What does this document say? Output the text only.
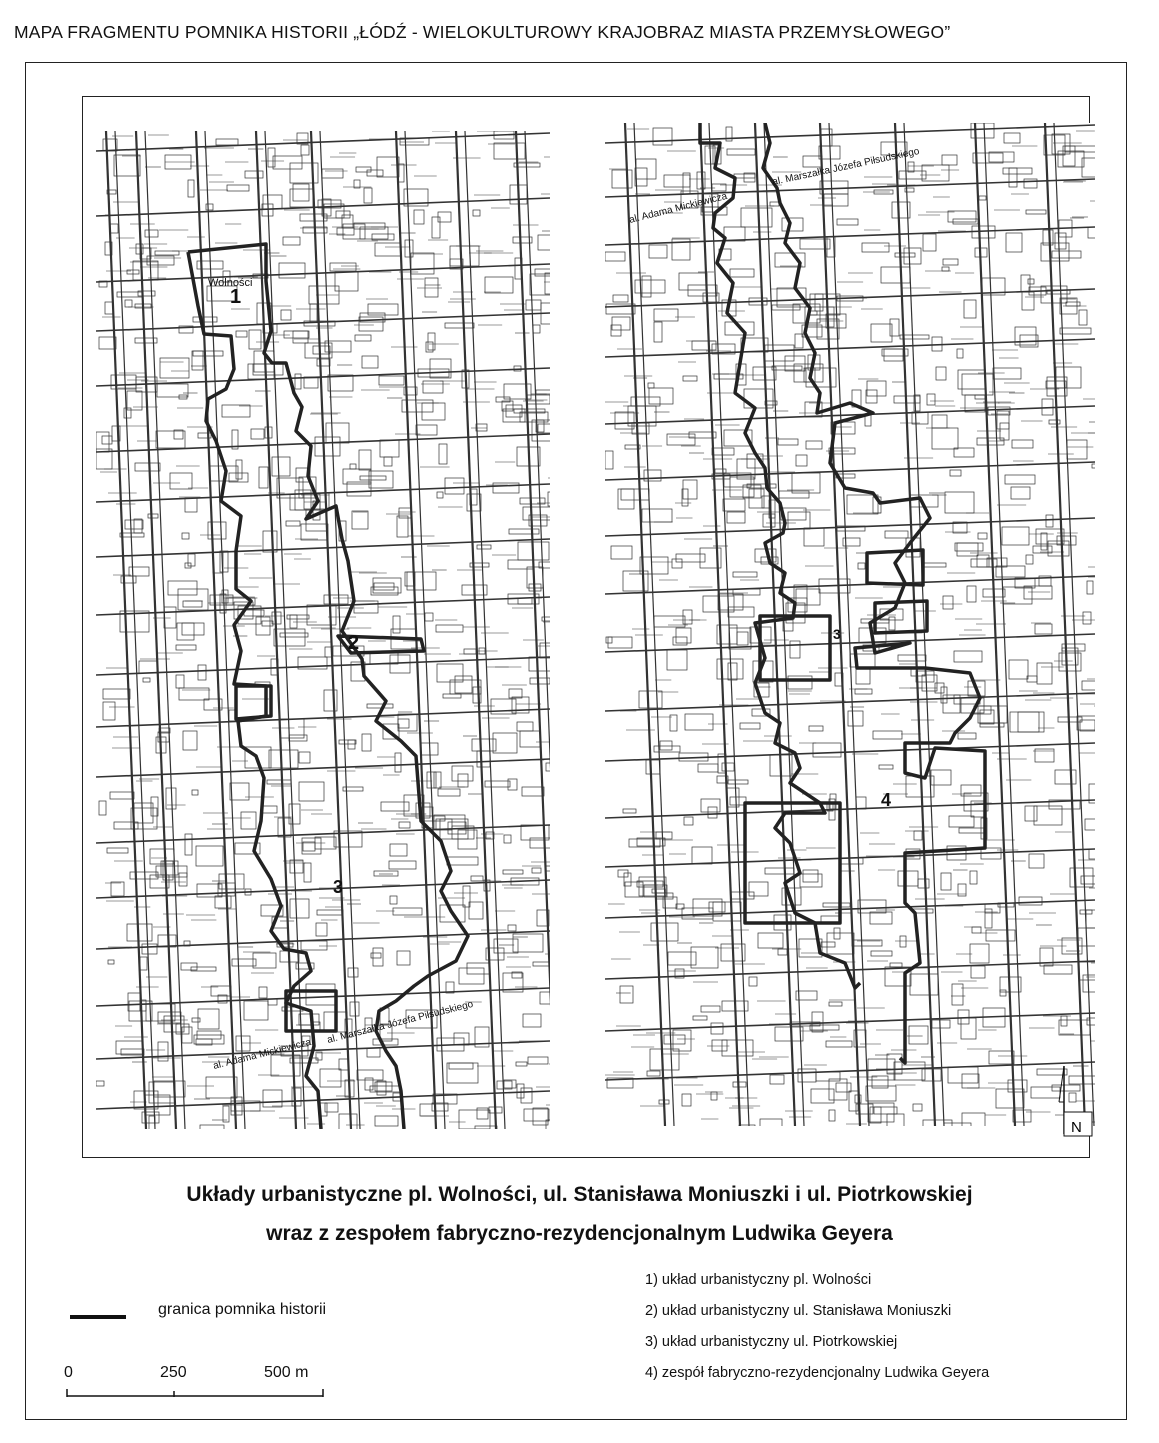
MAPA FRAGMENTU POMNIKA HISTORII „ŁÓDŹ - WIELOKULTUROWY KRAJOBRAZ MIASTA PRZEMYSŁOWEGO”
Wolności
1
2
3
al. Marszałka Józefa Piłsudskiego
al. Adama Mickiewicza
al. Adama Mickiewicza
al. Marszałka Józefa Piłsudskiego
3
4
N
Układy urbanistyczne pl. Wolności, ul. Stanisława Moniuszki i ul. Piotrkowskiej
wraz z zespołem fabryczno-rezydencjonalnym Ludwika Geyera
granica pomnika historii
1) układ urbanistyczny pl. Wolności
2) układ urbanistyczny ul. Stanisława Moniuszki
3) układ urbanistyczny ul. Piotrkowskiej
4) zespół fabryczno-rezydencjonalny Ludwika Geyera
0	250	500 m
